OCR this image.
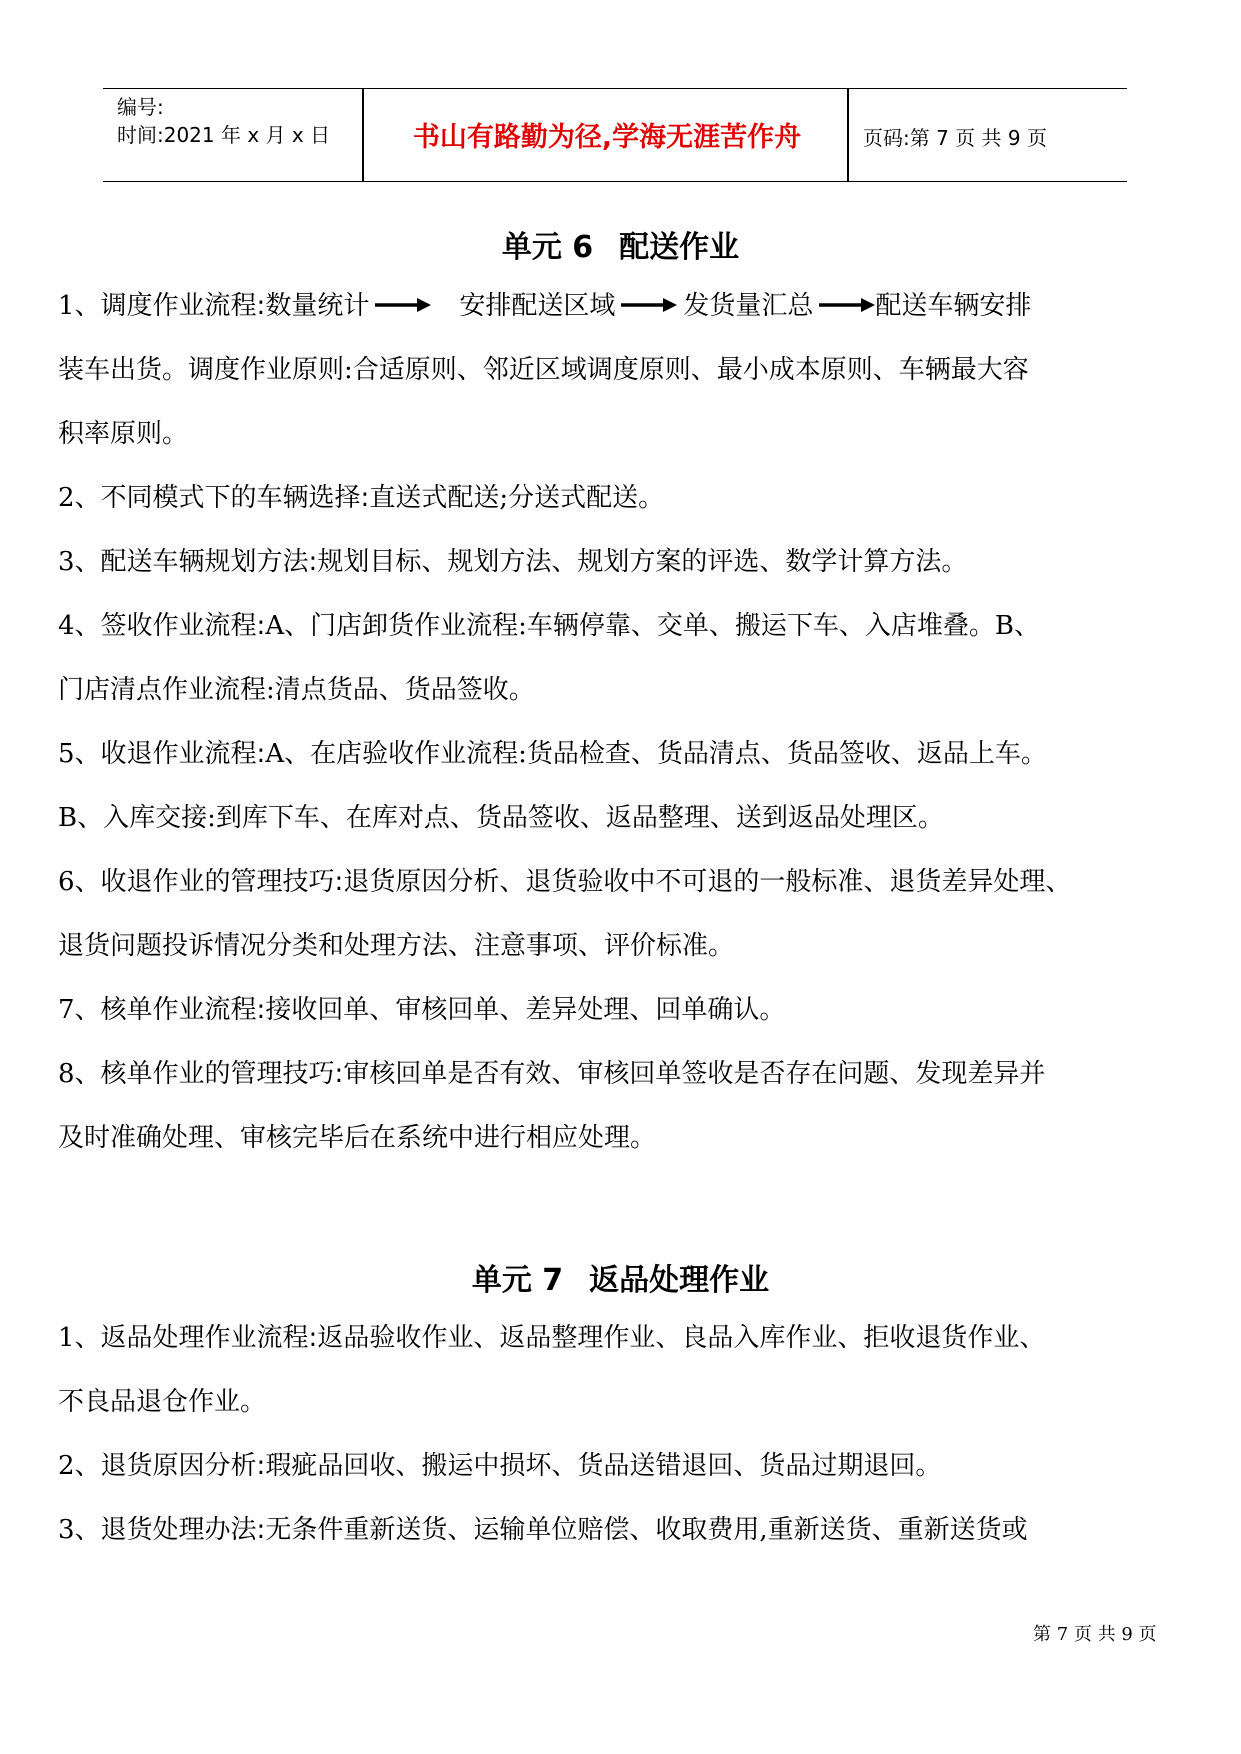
编号:
时间:2021 年 x 月 x 日	书山有路勤为径,学海无涯苦作舟	页码:第 7 页 共 9 页
单元 6 配送作业
1、调度作业流程:数量统计	安排配送区域	发货量汇总 配送车辆安排
装车出货。调度作业原则:合适原则、邻近区域调度原则、最小成本原则、车辆最大容
积率原则。
2、不同模式下的车辆选择:直送式配送;分送式配送。
3、配送车辆规划方法:规划目标、规划方法、规划方案的评选、数学计算方法。
4、签收作业流程:A、门店卸货作业流程:车辆停靠、交单、搬运下车、入店堆叠。B、
门店清点作业流程:清点货品、货品签收。
5、收退作业流程:A、在店验收作业流程:货品检查、货品清点、货品签收、返品上车。
B、入库交接:到库下车、在库对点、货品签收、返品整理、送到返品处理区。
6、收退作业的管理技巧:退货原因分析、退货验收中不可退的一般标准、退货差异处理、
退货问题投诉情况分类和处理方法、注意事项、评价标准。
7、核单作业流程:接收回单、审核回单、差异处理、回单确认。
8、核单作业的管理技巧:审核回单是否有效、审核回单签收是否存在问题、发现差异并
及时准确处理、审核完毕后在系统中进行相应处理。
单元 7 返品处理作业
1、返品处理作业流程:返品验收作业、返品整理作业、良品入库作业、拒收退货作业、
不良品退仓作业。
2、退货原因分析:瑕疵品回收、搬运中损坏、货品送错退回、货品过期退回。
3、退货处理办法:无条件重新送货、运输单位赔偿、收取费用,重新送货、重新送货或
第 7 页 共 9 页
